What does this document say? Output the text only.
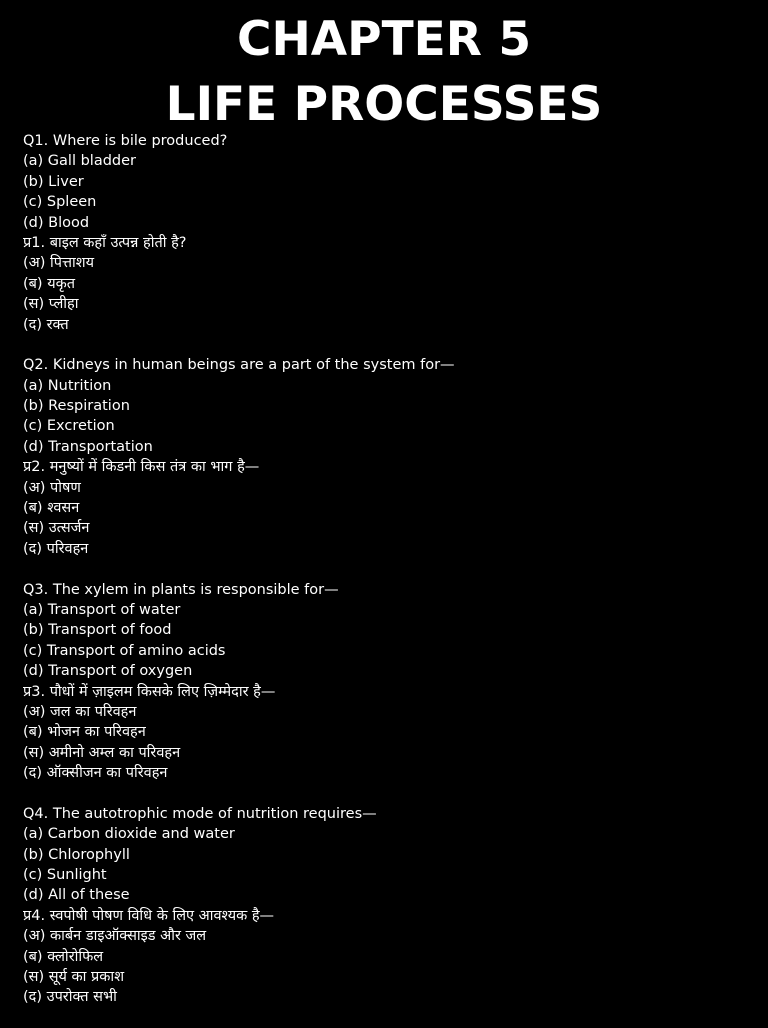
CHAPTER 5
LIFE PROCESSES
Q1. Where is bile produced?
(a) Gall bladder
(b) Liver
(c) Spleen
(d) Blood
प्र1. बाइल कहाँ उत्पन्न होती है?
(अ) पित्ताशय
(ब) यकृत
(स) प्लीहा
(द) रक्त
Q2. Kidneys in human beings are a part of the system for—
(a) Nutrition
(b) Respiration
(c) Excretion
(d) Transportation
प्र2. मनुष्यों में किडनी किस तंत्र का भाग है—
(अ) पोषण
(ब) श्वसन
(स) उत्सर्जन
(द) परिवहन
Q3. The xylem in plants is responsible for—
(a) Transport of water
(b) Transport of food
(c) Transport of amino acids
(d) Transport of oxygen
प्र3. पौधों में ज़ाइलम किसके लिए ज़िम्मेदार है—
(अ) जल का परिवहन
(ब) भोजन का परिवहन
(स) अमीनो अम्ल का परिवहन
(द) ऑक्सीजन का परिवहन
Q4. The autotrophic mode of nutrition requires—
(a) Carbon dioxide and water
(b) Chlorophyll
(c) Sunlight
(d) All of these
प्र4. स्वपोषी पोषण विधि के लिए आवश्यक है—
(अ) कार्बन डाइऑक्साइड और जल
(ब) क्लोरोफिल
(स) सूर्य का प्रकाश
(द) उपरोक्त सभी
